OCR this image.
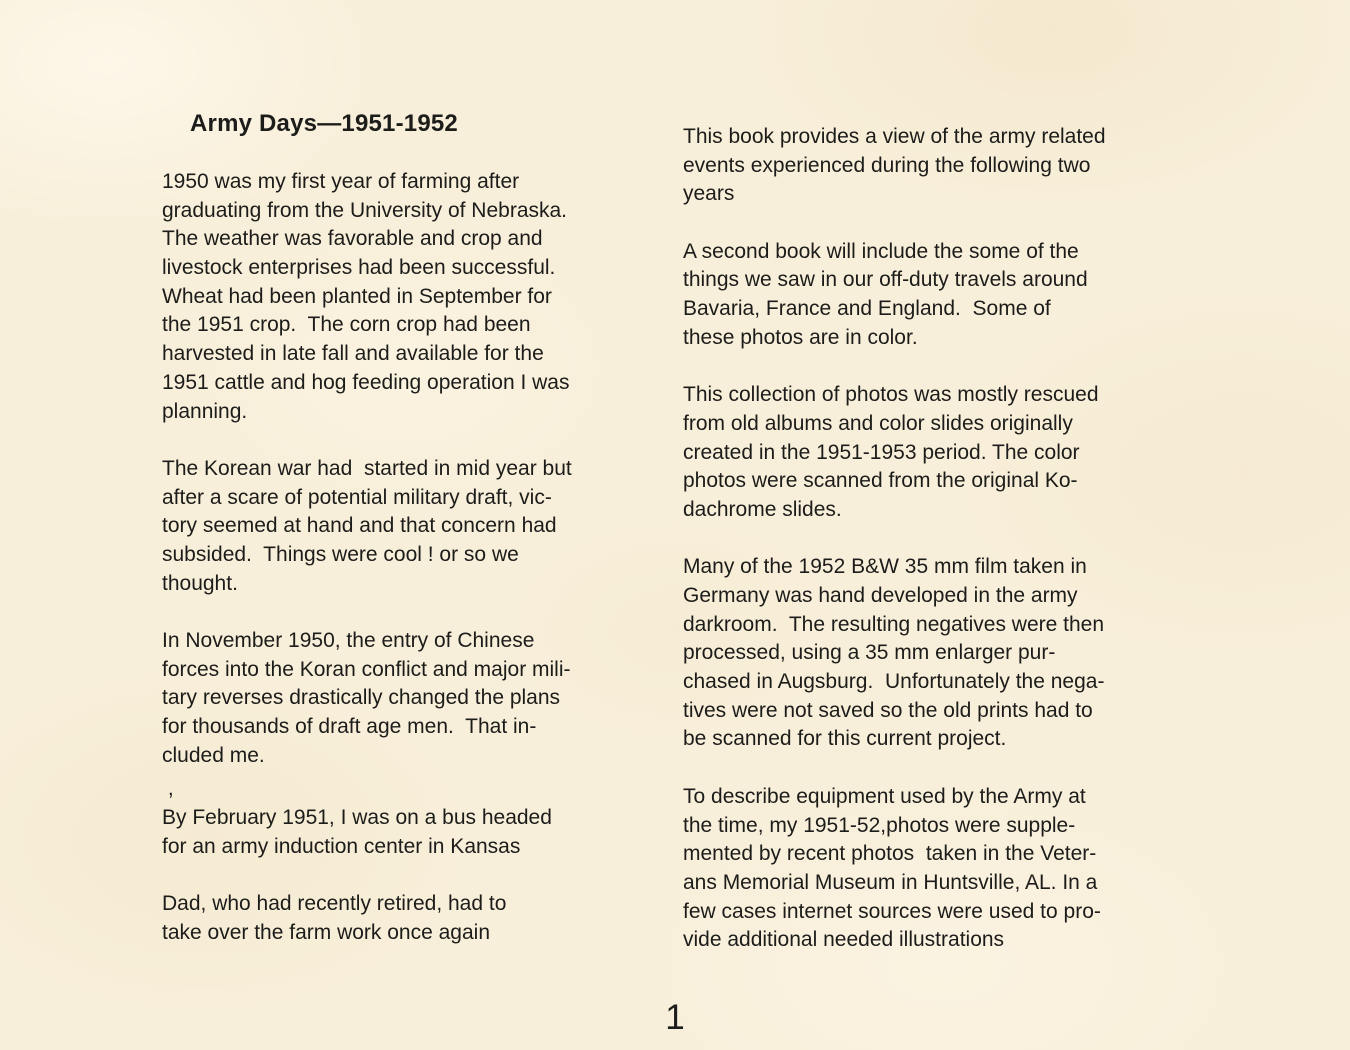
Army Days—1951-1952
1950 was my first year of farming after
graduating from the University of Nebraska.
The weather was favorable and crop and
livestock enterprises had been successful.
Wheat had been planted in September for
the 1951 crop.  The corn crop had been
harvested in late fall and available for the
1951 cattle and hog feeding operation I was
planning.
The Korean war had  started in mid year but
after a scare of potential military draft, vic-
tory seemed at hand and that concern had
subsided.  Things were cool ! or so we
thought.
In November 1950, the entry of Chinese
forces into the Koran conflict and major mili-
tary reverses drastically changed the plans
for thousands of draft age men.  That in-
cluded me.
,
By February 1951, I was on a bus headed
for an army induction center in Kansas
Dad, who had recently retired, had to
take over the farm work once again
This book provides a view of the army related
events experienced during the following two
years
A second book will include the some of the
things we saw in our off-duty travels around
Bavaria, France and England.  Some of
these photos are in color.
This collection of photos was mostly rescued
from old albums and color slides originally
created in the 1951-1953 period. The color
photos were scanned from the original Ko-
dachrome slides.
Many of the 1952 B&W 35 mm film taken in
Germany was hand developed in the army
darkroom.  The resulting negatives were then
processed, using a 35 mm enlarger pur-
chased in Augsburg.  Unfortunately the nega-
tives were not saved so the old prints had to
be scanned for this current project.
To describe equipment used by the Army at
the time, my 1951-52,photos were supple-
mented by recent photos  taken in the Veter-
ans Memorial Museum in Huntsville, AL. In a
few cases internet sources were used to pro-
vide additional needed illustrations
1
